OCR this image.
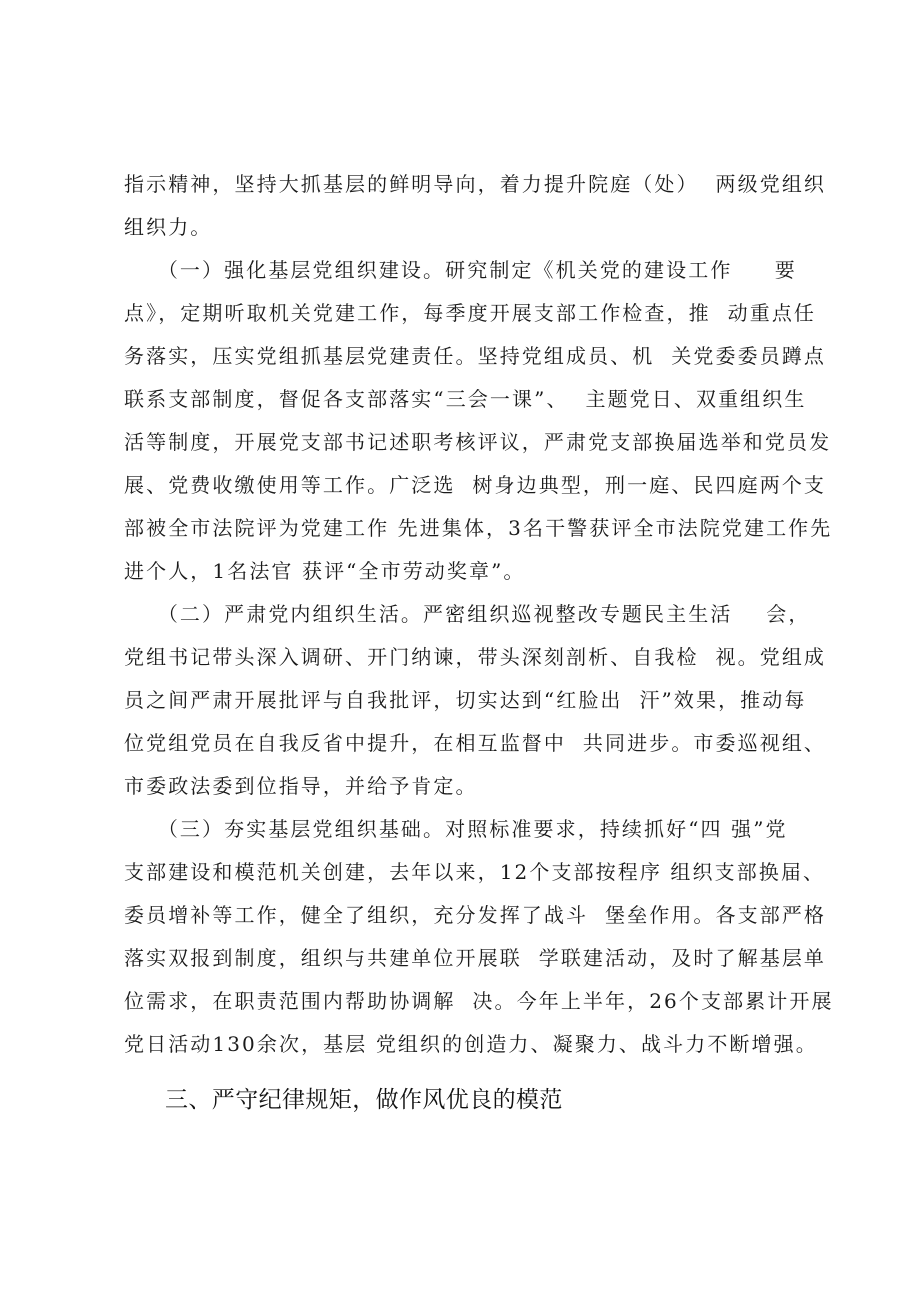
指示精神，坚持大抓基层的鲜明导向，着力提升院庭（处）  两级党组织
组织力。
（一）强化基层党组织建设。研究制定《机关党的建设工作     要
点》，定期听取机关党建工作，每季度开展支部工作检查，推  动重点任
务落实，压实党组抓基层党建责任。坚持党组成员、机  关党委委员蹲点
联系支部制度，督促各支部落实“三会一课”、  主题党日、双重组织生
活等制度，开展党支部书记述职考核评议，严肃党支部换届选举和党员发
展、党费收缴使用等工作。广泛选  树身边典型，刑一庭、民四庭两个支
部被全市法院评为党建工作 先进集体，3名干警获评全市法院党建工作先
进个人，1名法官 获评“全市劳动奖章”。
（二）严肃党内组织生活。严密组织巡视整改专题民主生活    会，
党组书记带头深入调研、开门纳谏，带头深刻剖析、自我检  视。党组成
员之间严肃开展批评与自我批评，切实达到“红脸出  汗”效果，推动每
位党组党员在自我反省中提升，在相互监督中  共同进步。市委巡视组、
市委政法委到位指导，并给予肯定。
（三）夯实基层党组织基础。对照标准要求，持续抓好“四 强”党
支部建设和模范机关创建，去年以来，12个支部按程序 组织支部换届、
委员增补等工作，健全了组织，充分发挥了战斗  堡垒作用。各支部严格
落实双报到制度，组织与共建单位开展联  学联建活动，及时了解基层单
位需求，在职责范围内帮助协调解  决。今年上半年，26个支部累计开展
党日活动130余次，基层 党组织的创造力、凝聚力、战斗力不断增强。
三、严守纪律规矩，做作风优良的模范
